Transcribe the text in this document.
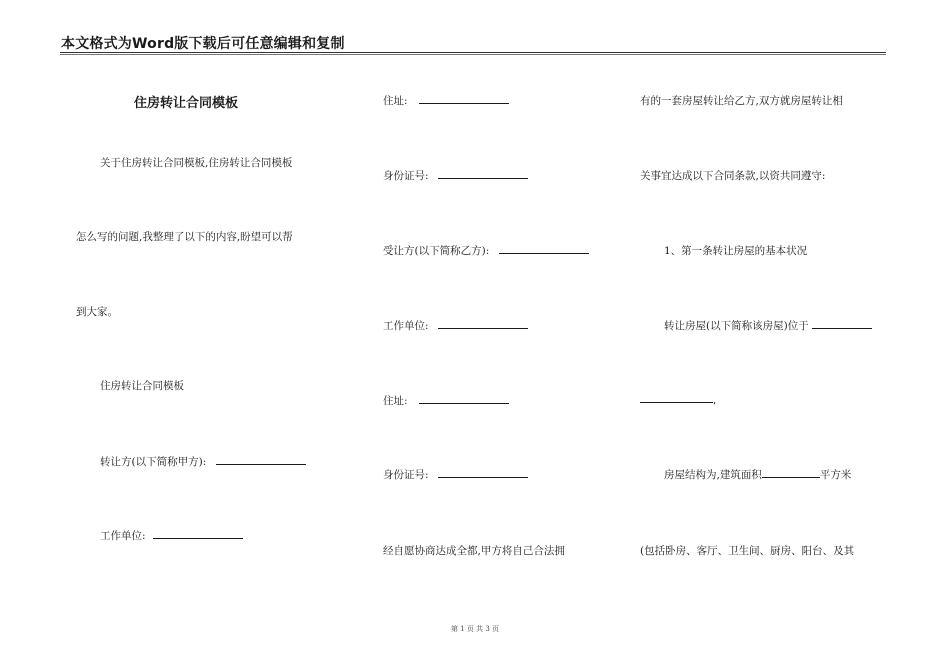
本文格式为Word版下载后可任意编辑和复制
住房转让合同模板
关于住房转让合同模板,住房转让合同模板
怎么写的问题,我整理了以下的内容,盼望可以帮
到大家。
住房转让合同模板
转让方(以下简称甲方):
工作单位:
住址:
身份证号:
受让方(以下简称乙方):
工作单位:
住址:
身份证号:
经自愿协商达成全都,甲方将自己合法拥
有的一套房屋转让给乙方,双方就房屋转让相
关事宜达成以下合同条款,以资共同遵守:
1、第一条转让房屋的基本状况
转让房屋(以下简称该房屋)位于
,
房屋结构为,建筑面积	平方米
(包括卧房、客厅、卫生间、厨房、阳台、及其
第 1 页 共 3 页
